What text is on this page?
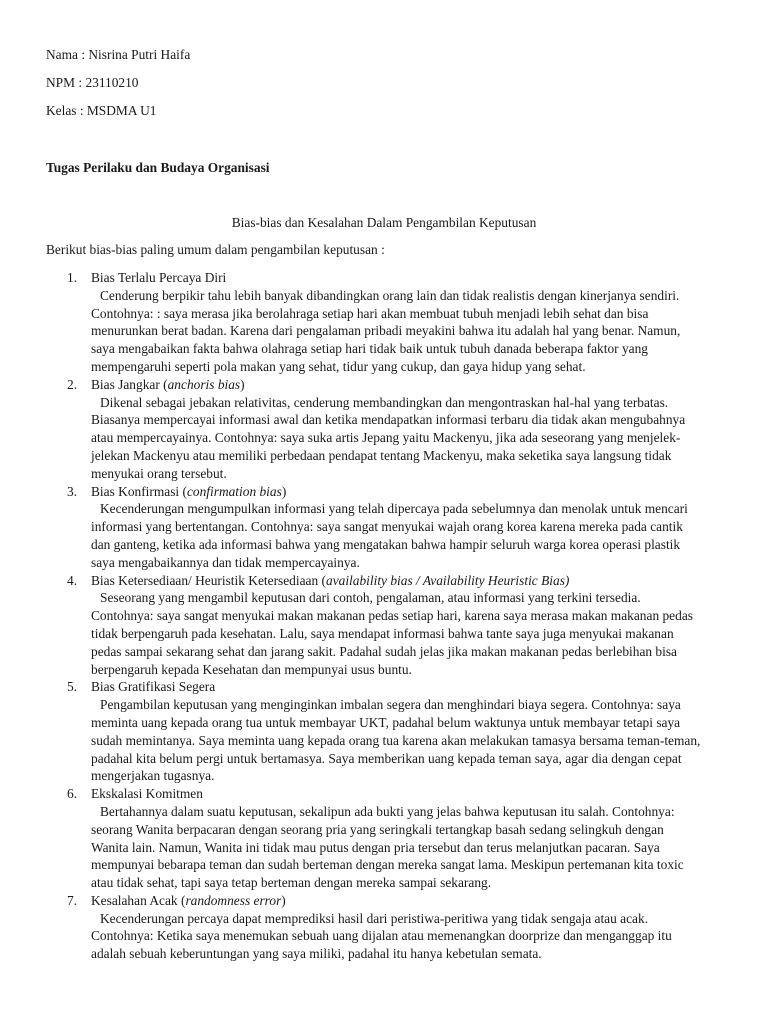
Nama : Nisrina Putri Haifa
NPM : 23110210
Kelas : MSDMA U1
Tugas Perilaku dan Budaya Organisasi
Bias-bias dan Kesalahan Dalam Pengambilan Keputusan
Berikut bias-bias paling umum dalam pengambilan keputusan :
1.	Bias Terlalu Percaya Diri

Cenderung berpikir tahu lebih banyak dibandingkan orang lain dan tidak realistis dengan kinerjanya sendiri.

Contohnya: : saya merasa jika berolahraga setiap hari akan membuat tubuh menjadi lebih sehat dan bisa

menurunkan berat badan. Karena dari pengalaman pribadi meyakini bahwa itu adalah hal yang benar. Namun,

saya mengabaikan fakta bahwa olahraga setiap hari tidak baik untuk tubuh danada beberapa faktor yang

mempengaruhi seperti pola makan yang sehat, tidur yang cukup, dan gaya hidup yang sehat.

2.	Bias Jangkar (anchoris bias)

Dikenal sebagai jebakan relativitas, cenderung membandingkan dan mengontraskan hal-hal yang terbatas.

Biasanya mempercayai informasi awal dan ketika mendapatkan informasi terbaru dia tidak akan mengubahnya

atau mempercayainya. Contohnya: saya suka artis Jepang yaitu Mackenyu, jika ada seseorang yang menjelek-

jelekan Mackenyu atau memiliki perbedaan pendapat tentang Mackenyu, maka seketika saya langsung tidak

menyukai orang tersebut.

3.	Bias Konfirmasi (confirmation bias)

Kecenderungan mengumpulkan informasi yang telah dipercaya pada sebelumnya dan menolak untuk mencari

informasi yang bertentangan. Contohnya: saya sangat menyukai wajah orang korea karena mereka pada cantik

dan ganteng, ketika ada informasi bahwa yang mengatakan bahwa hampir seluruh warga korea operasi plastik

saya mengabaikannya dan tidak mempercayainya.

4.	Bias Ketersediaan/ Heuristik Ketersediaan (availability bias / Availability Heuristic Bias)

Seseorang yang mengambil keputusan dari contoh, pengalaman, atau informasi yang terkini tersedia.

Contohnya: saya sangat menyukai makan makanan pedas setiap hari, karena saya merasa makan makanan pedas

tidak berpengaruh pada kesehatan. Lalu, saya mendapat informasi bahwa tante saya juga menyukai makanan

pedas sampai sekarang sehat dan jarang sakit. Padahal sudah jelas jika makan makanan pedas berlebihan bisa

berpengaruh kepada Kesehatan dan mempunyai usus buntu.

5.	Bias Gratifikasi Segera

Pengambilan keputusan yang menginginkan imbalan segera dan menghindari biaya segera. Contohnya: saya

meminta uang kepada orang tua untuk membayar UKT, padahal belum waktunya untuk membayar tetapi saya

sudah memintanya. Saya meminta uang kepada orang tua karena akan melakukan tamasya bersama teman-teman,

padahal kita belum pergi untuk bertamasya. Saya memberikan uang kepada teman saya, agar dia dengan cepat

mengerjakan tugasnya.

6.	Ekskalasi Komitmen

Bertahannya dalam suatu keputusan, sekalipun ada bukti yang jelas bahwa keputusan itu salah. Contohnya:

seorang Wanita berpacaran dengan seorang pria yang seringkali tertangkap basah sedang selingkuh dengan

Wanita lain. Namun, Wanita ini tidak mau putus dengan pria tersebut dan terus melanjutkan pacaran. Saya

mempunyai bebarapa teman dan sudah berteman dengan mereka sangat lama. Meskipun pertemanan kita toxic

atau tidak sehat, tapi saya tetap berteman dengan mereka sampai sekarang.

7.	Kesalahan Acak (randomness error)

Kecenderungan percaya dapat memprediksi hasil dari peristiwa-peritiwa yang tidak sengaja atau acak.

Contohnya: Ketika saya menemukan sebuah uang dijalan atau memenangkan doorprize dan menganggap itu

adalah sebuah keberuntungan yang saya miliki, padahal itu hanya kebetulan semata.
